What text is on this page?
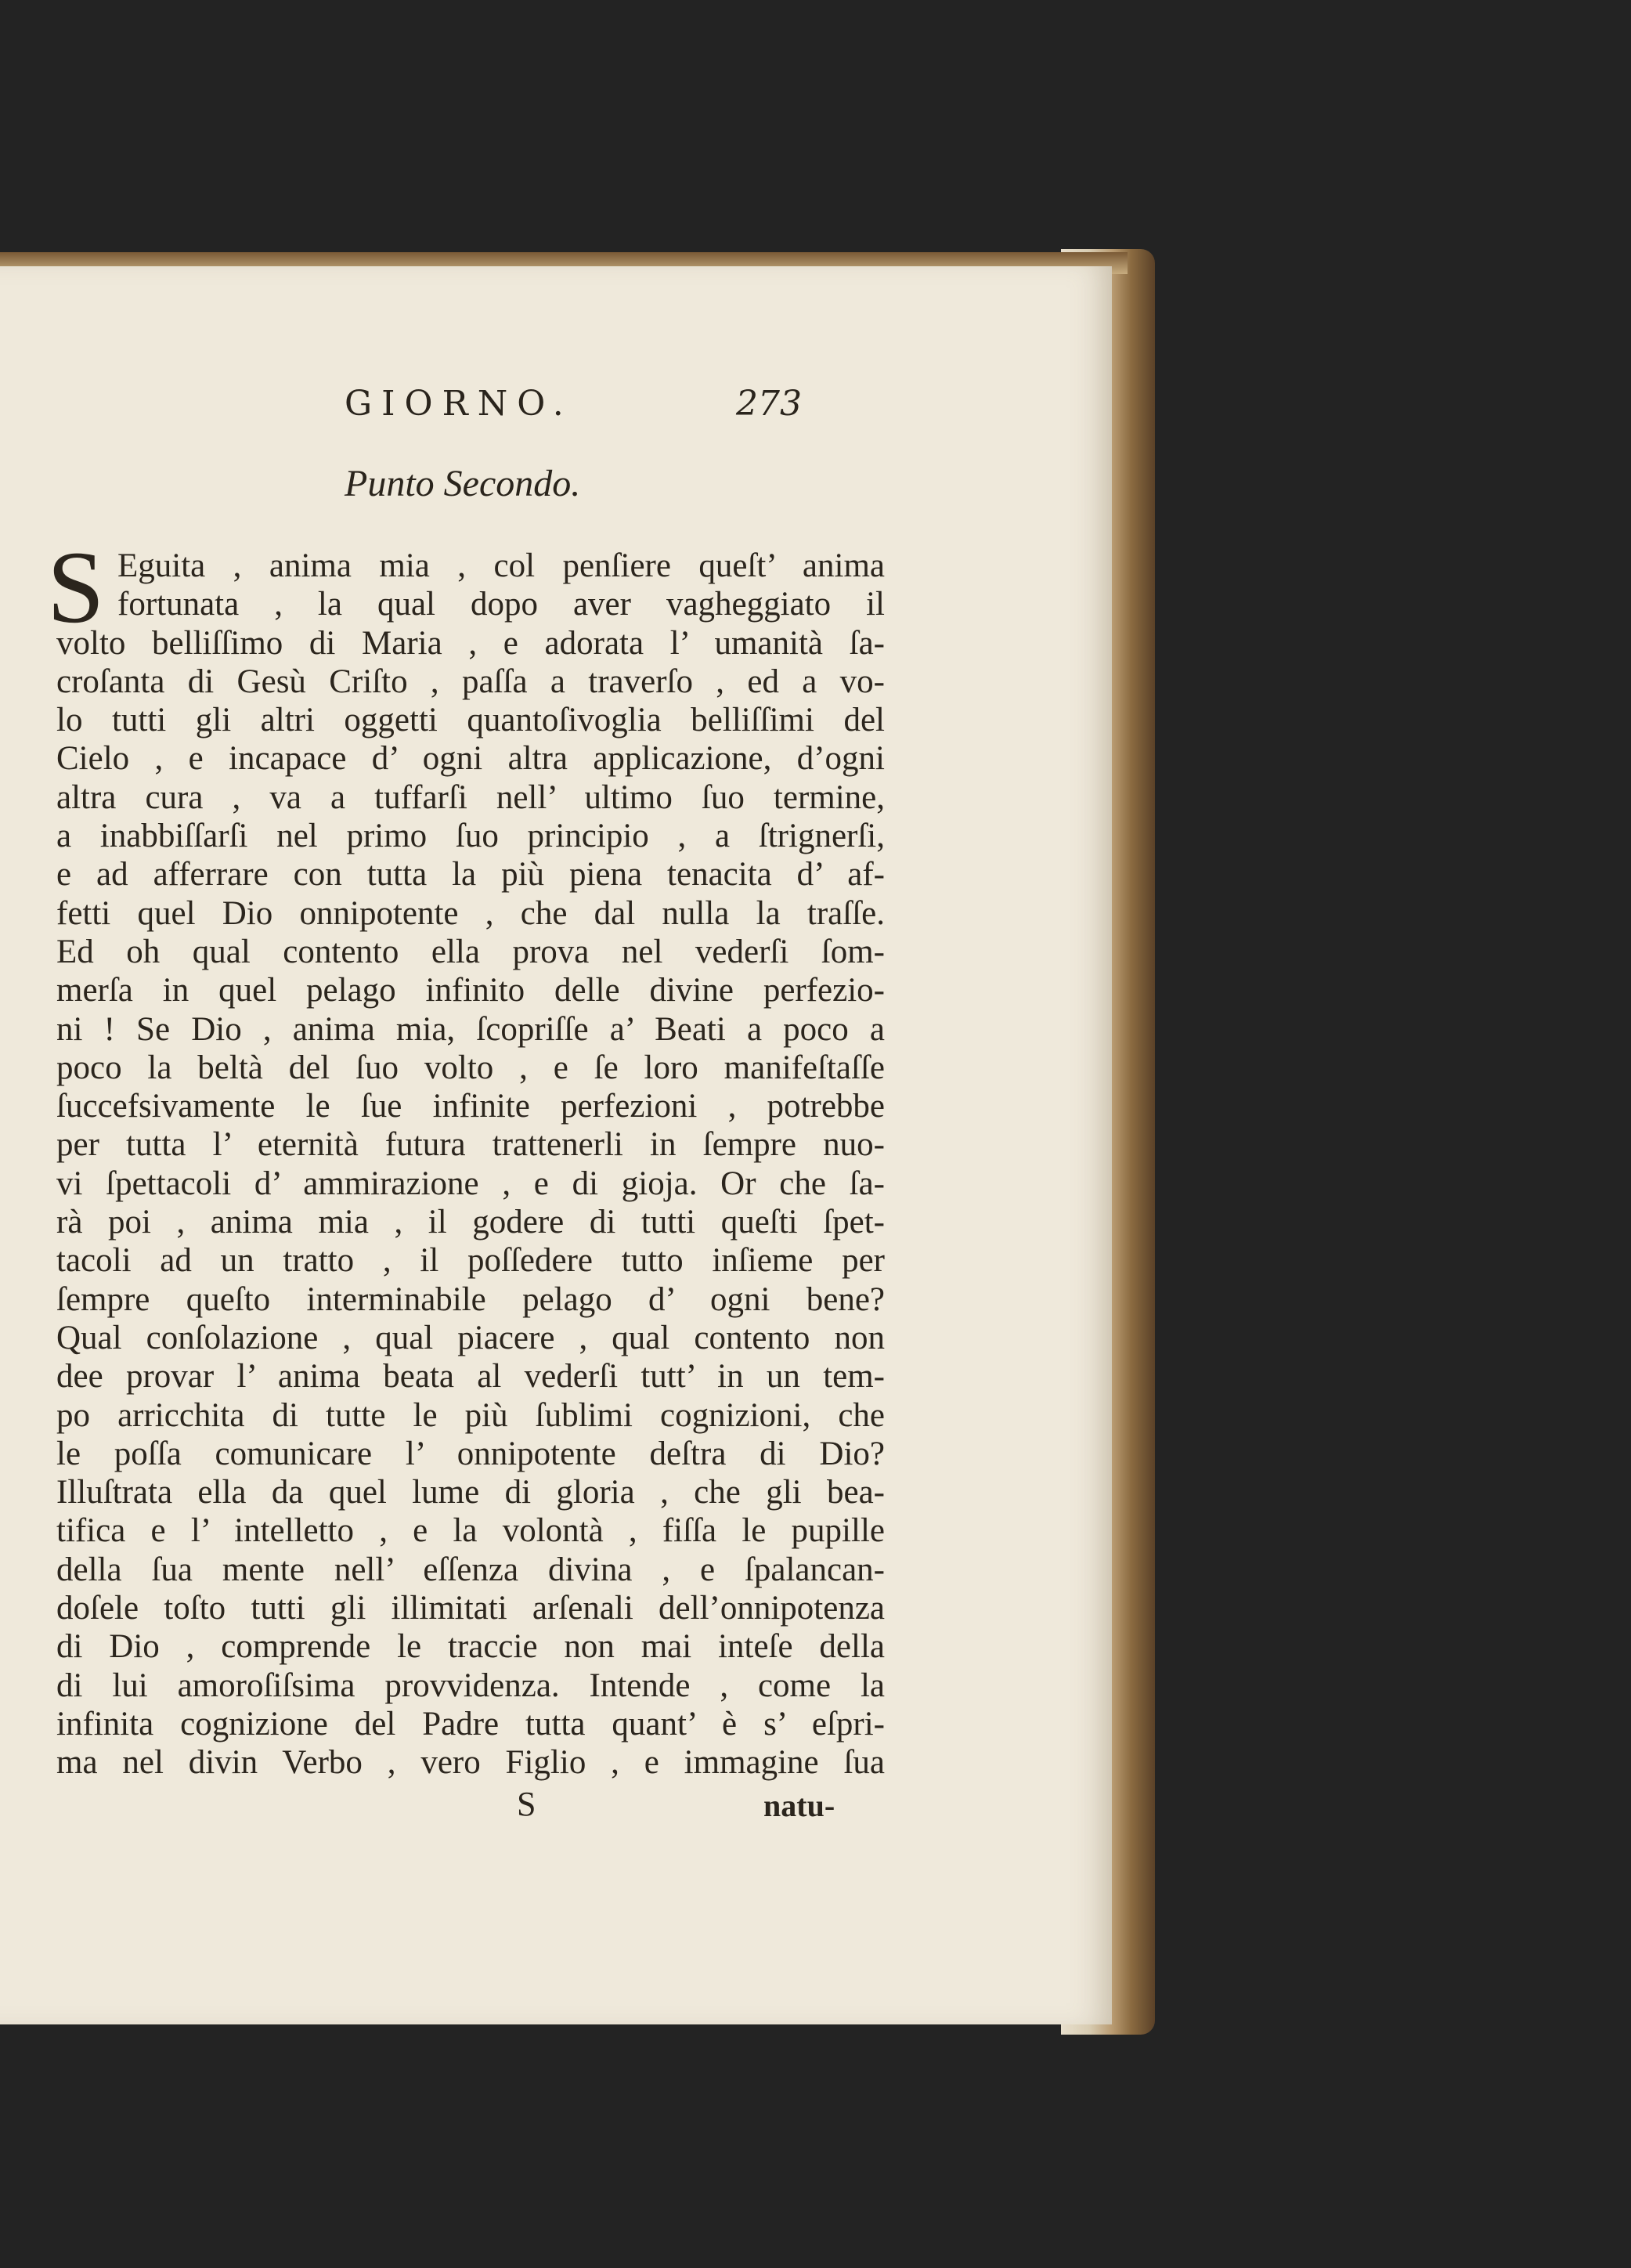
GIORNO.	273
Punto Secondo.
S Eguita , anima mia , col penſiere queſt’ anima
fortunata , la qual dopo aver vagheggiato il
volto belliſſimo di Maria , e adorata l’ umanità ſa-
croſanta di Gesù Criſto , paſſa a traverſo , ed a vo-
lo tutti gli altri oggetti quantoſivoglia belliſſimi del
Cielo , e incapace d’ ogni altra applicazione, d’ogni
altra cura , va a tuffarſi nell’ ultimo ſuo termine,
a inabbiſſarſi nel primo ſuo principio , a ſtrignerſi,
e ad afferrare con tutta la più piena tenacita d’ af-
fetti quel Dio onnipotente , che dal nulla la traſſe.
Ed oh qual contento ella prova nel vederſi ſom-
merſa in quel pelago infinito delle divine perfezio-
ni ! Se Dio , anima mia, ſcopriſſe a’ Beati a poco a
poco la beltà del ſuo volto , e ſe loro manifeſtaſſe
ſuccefsivamente le ſue infinite perfezioni , potrebbe
per tutta l’ eternità futura trattenerli in ſempre nuo-
vi ſpettacoli d’ ammirazione , e di gioja. Or che ſa-
rà poi , anima mia , il godere di tutti queſti ſpet-
tacoli ad un tratto , il poſſedere tutto inſieme per
ſempre queſto interminabile pelago d’ ogni bene?
Qual conſolazione , qual piacere , qual contento non
dee provar l’ anima beata al vederſi tutt’ in un tem-
po arricchita di tutte le più ſublimi cognizioni, che
le poſſa comunicare l’ onnipotente deſtra di Dio?
Illuſtrata ella da quel lume di gloria , che gli bea-
tifica e l’ intelletto , e la volontà , fiſſa le pupille
della ſua mente nell’ eſſenza divina , e ſpalancan-
doſele toſto tutti gli illimitati arſenali dell’onnipotenza
di Dio , comprende le traccie non mai inteſe della
di lui amoroſiſsima provvidenza. Intende , come la
infinita cognizione del Padre tutta quant’ è s’ eſpri-
ma nel divin Verbo , vero Figlio , e immagine ſua
S	natu-
